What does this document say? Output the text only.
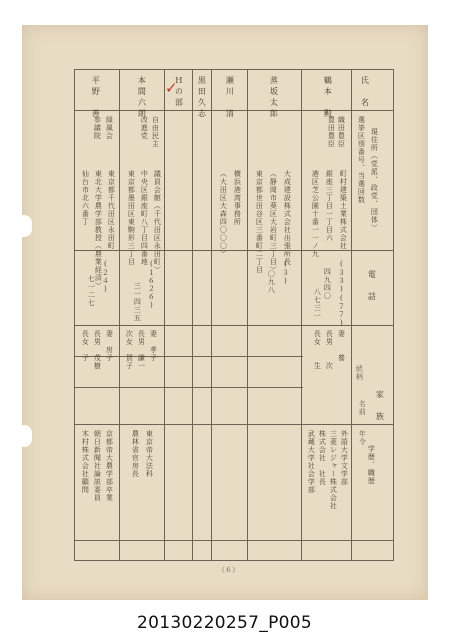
氏　名
選挙区別番号、当選回数 現住所（党派、政党、団体）
電　話
続柄
名前
年令
家　族
学歴、職歴
鶴本　勲
織田豊臣
豊田豊臣
町村建築土業株式会社
銀座三丁目一丁目六
港区芝公園十番一一ノ九
(３３)(７７)
四九四〇
八七三一
妻　　養
長男　　次
長女　　生
外語大学文学部
三菱レジャー株式会社
株式会社　社長
武蔵大学社会学部
蒸坂太郎
大成建設株式会社出張所長
（静岡市葵区大岩町三丁目）
東京都世田谷区三番町二丁目	(３)
〇九八
瀬川　清
横浜港湾事務所
（大田区大森四〇〇〇）
黒田久志
Ｈの部
本間六朗
自由民主
改進党
議員会館（千代田区永田町）
中央区銀座町八丁目四番地
東京都墨田区東駒形三丁目
(１６２６)
三一四三五
妻　孝子
長男　謙一
次女　賀子
東京帝大法科
農林省官房長
平野　善
緑風会
参議院
東京都千代田区永田町
東北大学農学部教授（農業経済）
仙台市北六番丁
(２４)
七一二七
妻　房子
長男　茂樹
長女　子
京都帝大農学部卒業
朝日新聞社論説委員
木村株式会社顧問
✓
（６）
20130220257_P005
